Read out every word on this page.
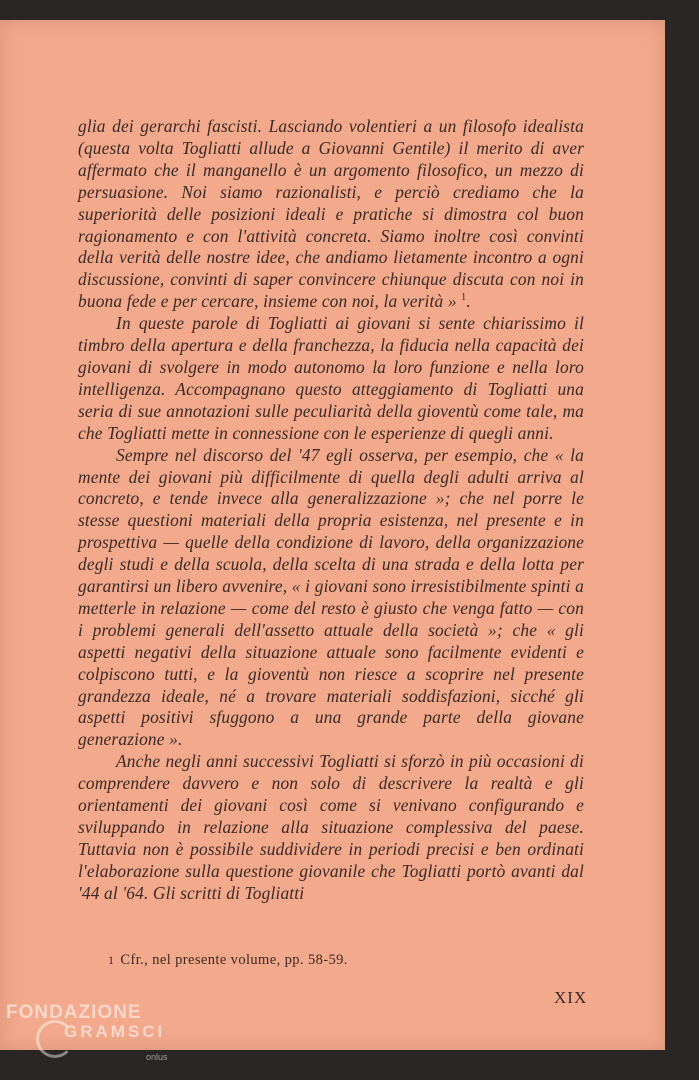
glia dei gerarchi fascisti. Lasciando volentieri a un filosofo idealista (questa volta Togliatti allude a Giovanni Gentile) il merito di aver affermato che il manganello è un argomento filosofico, un mezzo di persuasione. Noi siamo razionalisti, e perciò crediamo che la superiorità delle posizioni ideali e pratiche si dimostra col buon ragionamento e con l'attività concreta. Siamo inoltre così convinti della verità delle nostre idee, che andiamo lietamente incontro a ogni discussione, convinti di saper convincere chiunque discuta con noi in buona fede e per cercare, insieme con noi, la verità » $^1$.

In queste parole di Togliatti ai giovani si sente chiarissimo il timbro della apertura e della franchezza, la fiducia nella capacità dei giovani di svolgere in modo autonomo la loro funzione e nella loro intelligenza. Accompagnano questo atteggiamento di Togliatti una seria di sue annotazioni sulle peculiarità della gioventù come tale, ma che Togliatti mette in connessione con le esperienze di quegli anni.

Sempre nel discorso del '47 egli osserva, per esempio, che « la mente dei giovani più difficilmente di quella degli adulti arriva al concreto, e tende invece alla generalizzazione »; che nel porre le stesse questioni materiali della propria esistenza, nel presente e in prospettiva — quelle della condizione di lavoro, della organizzazione degli studi e della scuola, della scelta di una strada e della lotta per garantirsi un libero avvenire, « i giovani sono irresistibilmente spinti a metterle in relazione — come del resto è giusto che venga fatto — con i problemi generali dell'assetto attuale della società »; che « gli aspetti negativi della situazione attuale sono facilmente evidenti e colpiscono tutti, e la gioventù non riesce a scoprire nel presente grandezza ideale, né a trovare materiali soddisfazioni, sicché gli aspetti positivi sfuggono a una grande parte della giovane generazione ».

Anche negli anni successivi Togliatti si sforzò in più occasioni di comprendere davvero e non solo di descrivere la realtà e gli orientamenti dei giovani così come si venivano configurando e sviluppando in relazione alla situazione complessiva del paese. Tuttavia non è possibile suddividere in periodi precisi e ben ordinati l'elaborazione sulla questione giovanile che Togliatti portò avanti dal '44 al '64. Gli scritti di Togliatti

1 Cfr., nel presente volume, pp. 58-59.
XIX
FONDAZIONE
GRAMSCI
onlus
